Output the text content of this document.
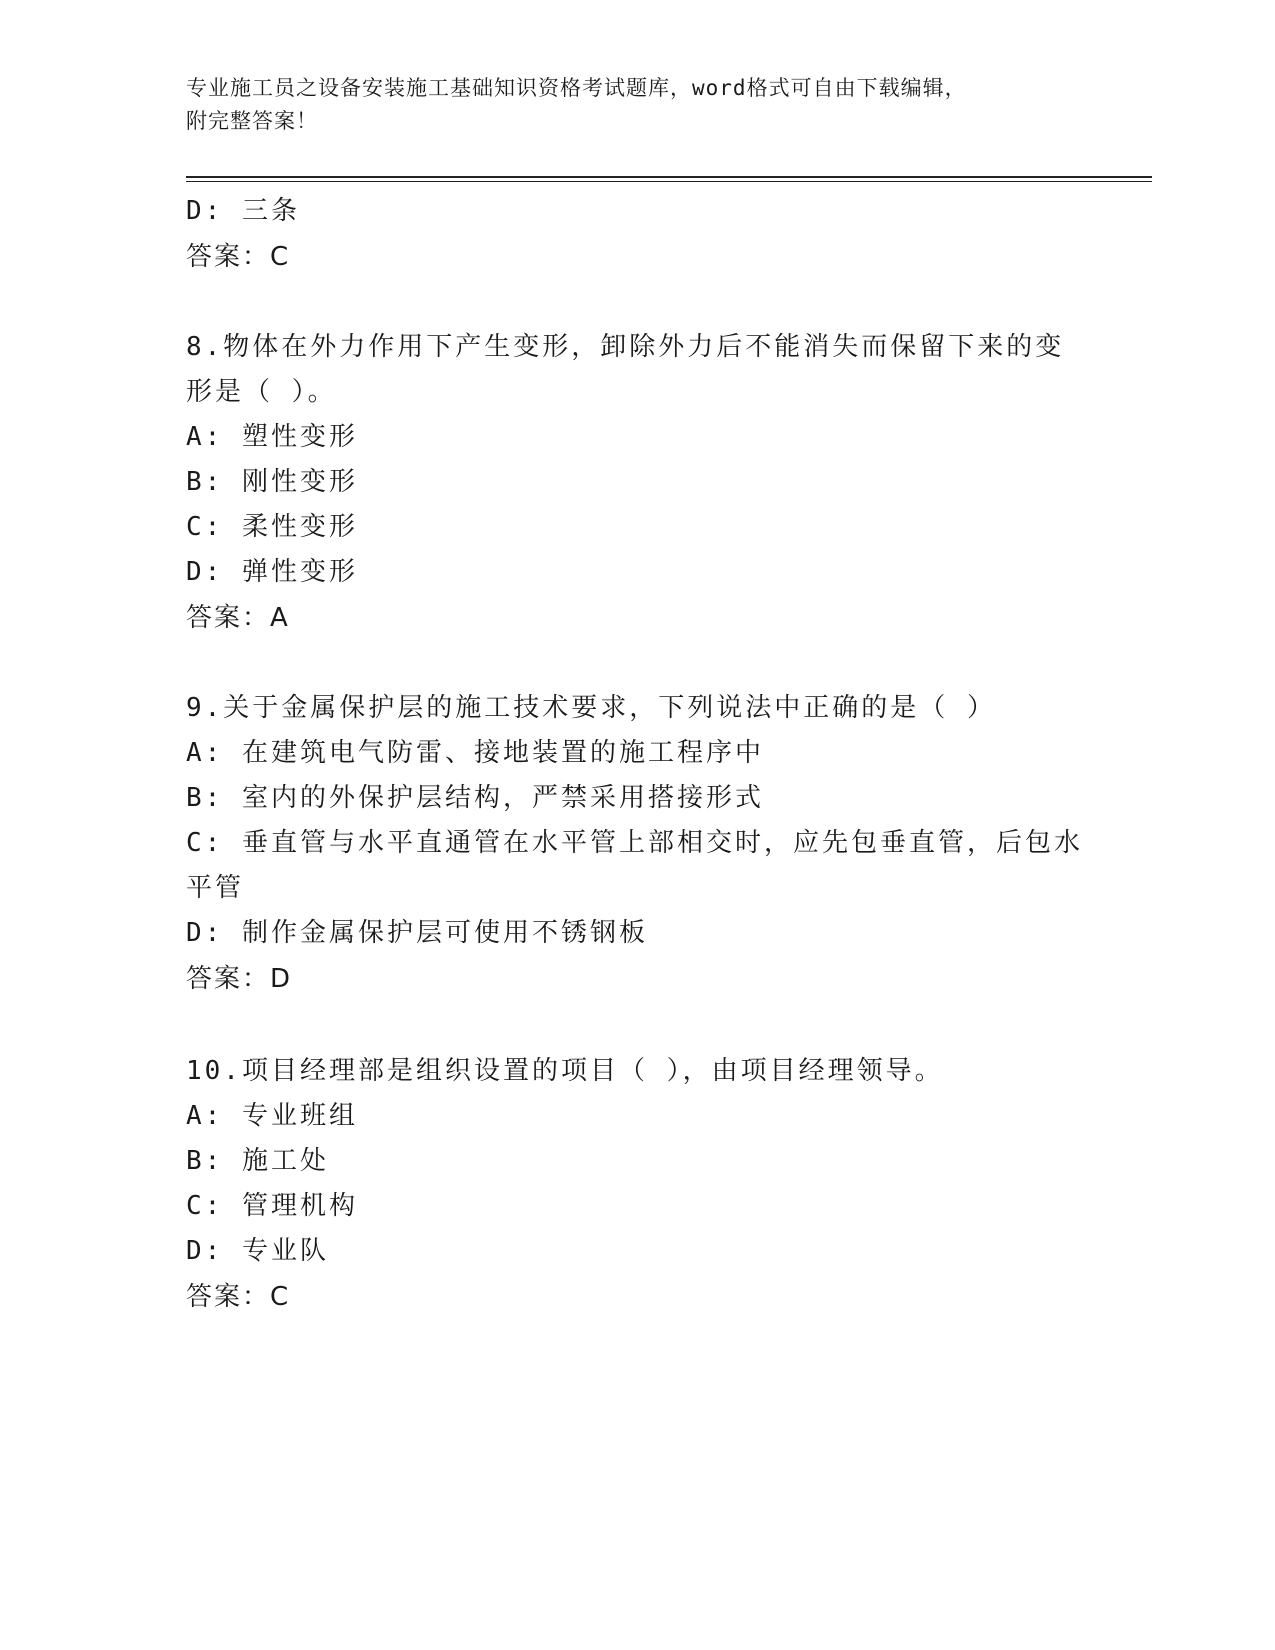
专业施工员之设备安装施工基础知识资格考试题库，word格式可自由下载编辑，
附完整答案！
D: 三条
答案：C
8.物体在外力作用下产生变形，卸除外力后不能消失而保留下来的变
形是（ ）。
A: 塑性变形
B: 刚性变形
C: 柔性变形
D: 弹性变形
答案：A
9.关于金属保护层的施工技术要求，下列说法中正确的是（ ）
A: 在建筑电气防雷、接地装置的施工程序中
B: 室内的外保护层结构，严禁采用搭接形式
C: 垂直管与水平直通管在水平管上部相交时，应先包垂直管，后包水
平管
D: 制作金属保护层可使用不锈钢板
答案：D
10.项目经理部是组织设置的项目（ ），由项目经理领导。
A: 专业班组
B: 施工处
C: 管理机构
D: 专业队
答案：C
